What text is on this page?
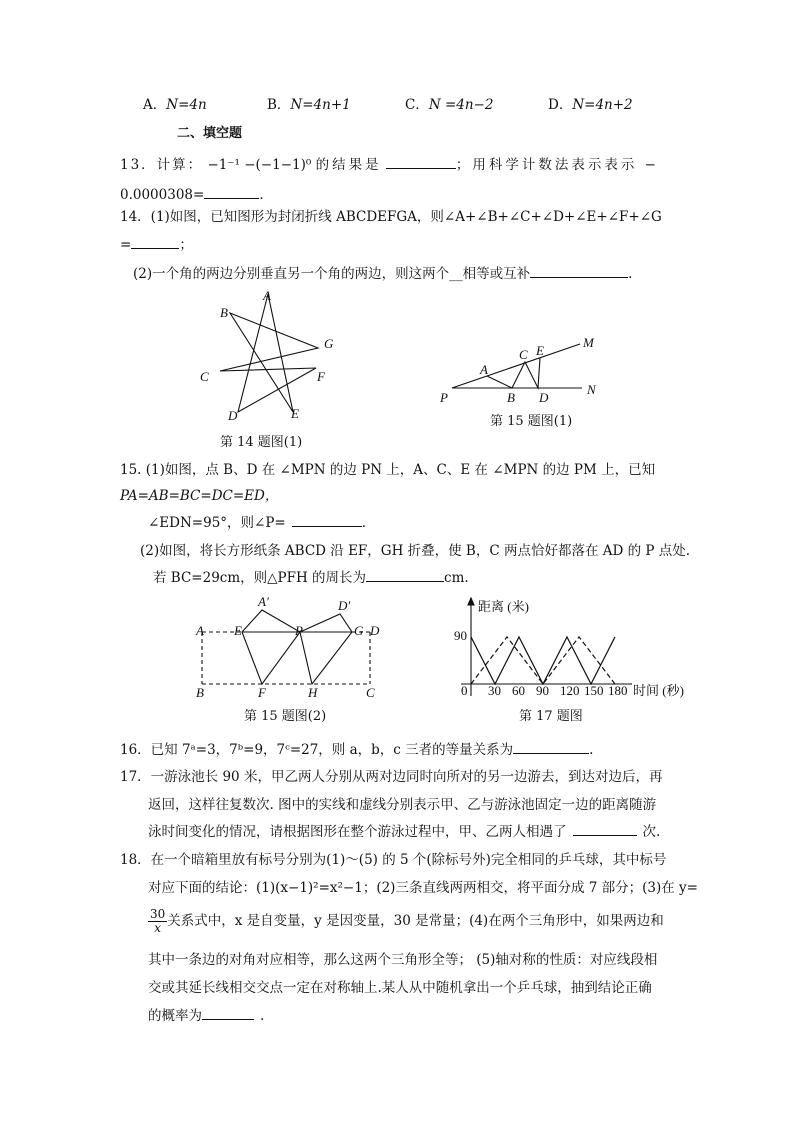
A．N=4n	B．N=4n+1	C．N =4n−2	D．N=4n+2
二、填空题
13．计算： −1⁻¹ −(−1−1)⁰ 的结果是	；用科学计数法表示表示 −
0.0000308=	.
14．(1)如图，已知图形为封闭折线 ABCDEFGA，则∠A+∠B+∠C+∠D+∠E+∠F+∠G
=	；
(2)一个角的两边分别垂直另一个角的两边，则这两个__相等或互补	.
A
B
G
C	F
D	E
第 14 题图(1)
P
A
B
C
D
E
M
N
第 15 题图(1)
15. (1)如图，点 B、D 在 ∠MPN 的边 PN 上，A、C、E 在 ∠MPN 的边 PM 上，已知
PA=AB=BC=DC=ED，
∠EDN=95°，则∠P=	.
(2)如图，将长方形纸条 ABCD 沿 EF，GH 折叠，使 B，C 两点恰好都落在 AD 的 P 点处.
若 BC=29cm，则△PFH 的周长为	cm.
A′	D′
A E	P	G D
B	F	H	C
第 15 题图(2)
距离 (米)
90
0	时间 (秒)
30 60 90 120 150 180
第 17 题图
16．已知 7ᵃ=3，7ᵇ=9，7ᶜ=27，则 a，b，c 三者的等量关系为	.
17．一游泳池长 90 米，甲乙两人分别从两对边同时向所对的另一边游去，到达对边后，再
返回，这样往复数次. 图中的实线和虚线分别表示甲、乙与游泳池固定一边的距离随游
泳时间变化的情况，请根据图形在整个游泳过程中，甲、乙两人相遇了	次.
18．在一个暗箱里放有标号分别为(1)～(5) 的 5 个(除标号外)完全相同的乒乓球，其中标号
对应下面的结论：(1)(x−1)²=x²−1；(2)三条直线两两相交，将平面分成 7 部分；(3)在 y=
$\frac{30}{x}$ 关系式中，x 是自变量，y 是因变量，30 是常量；(4)在两个三角形中，如果两边和
其中一条边的对角对应相等，那么这两个三角形全等； (5)轴对称的性质：对应线段相
交或其延长线相交交点一定在对称轴上.某人从中随机拿出一个乒乓球，抽到结论正确
的概率为	.
